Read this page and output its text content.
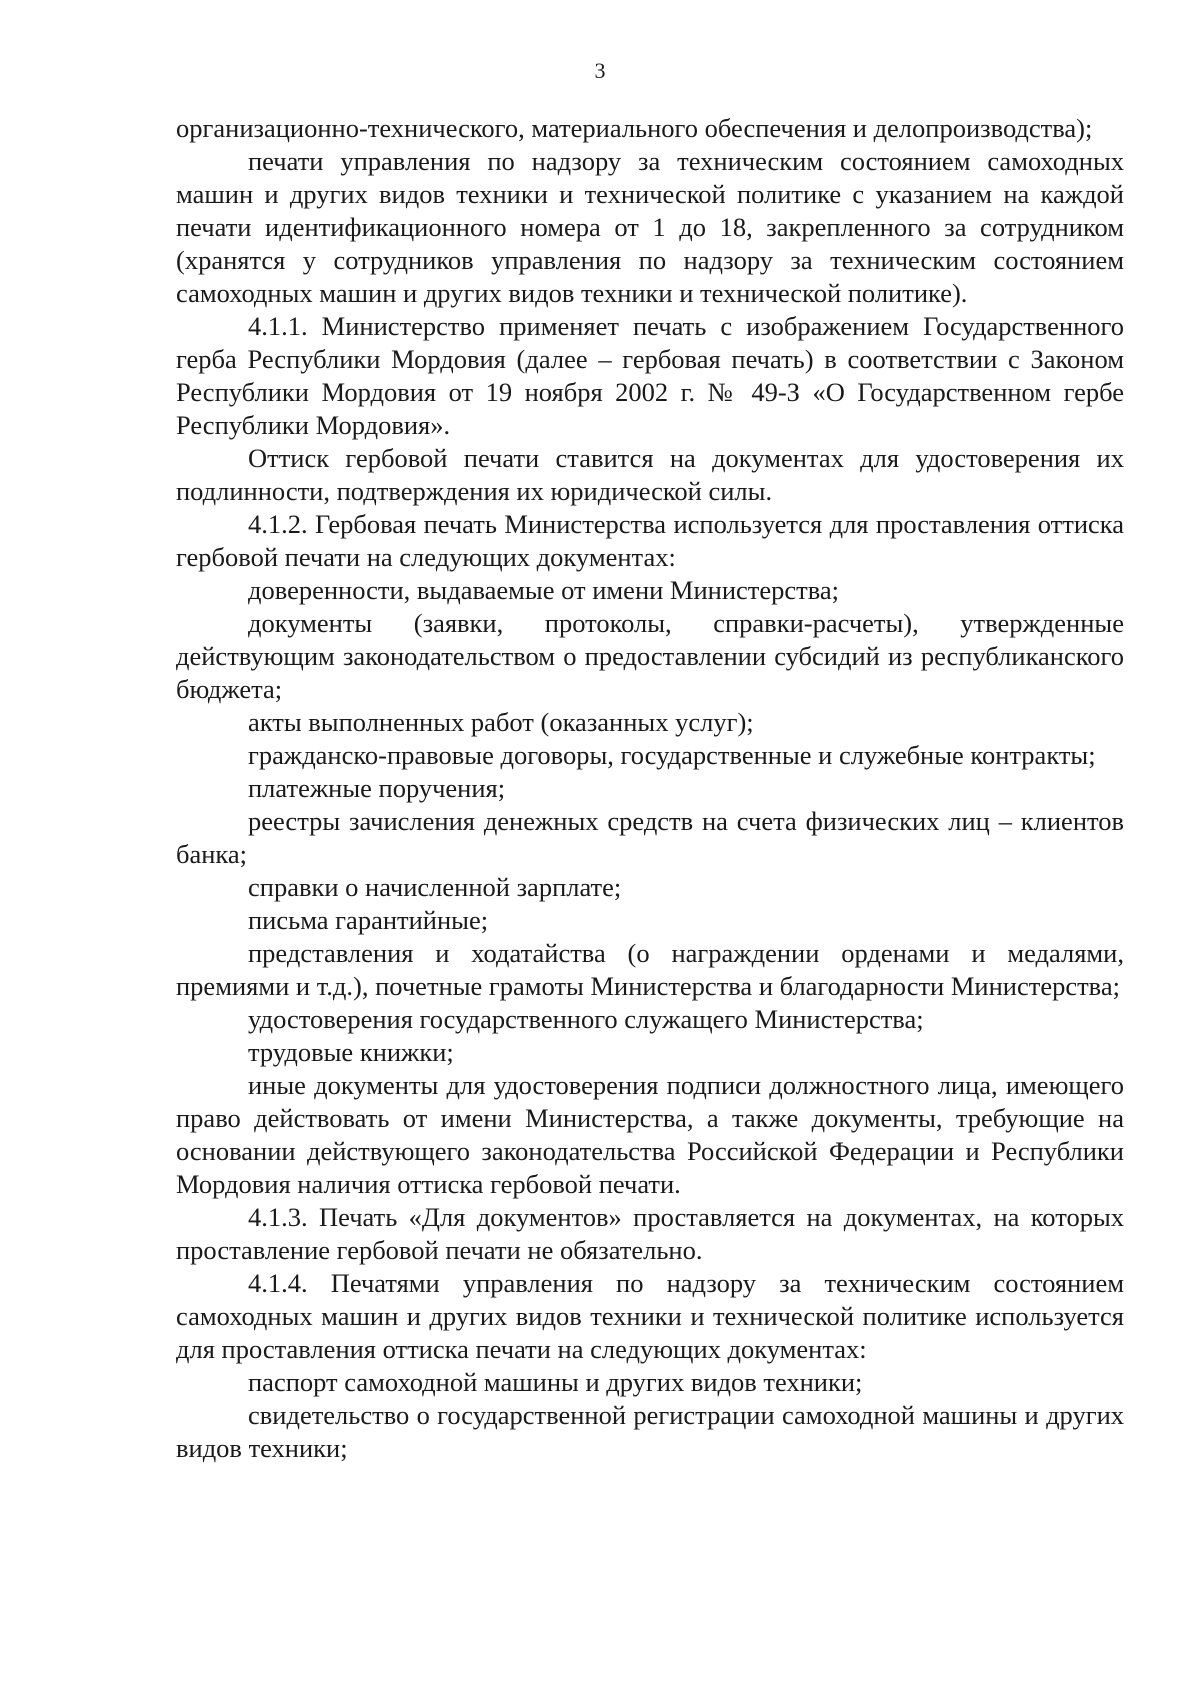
3

организационно-технического, материального обеспечения и делопроизводства);

печати управления по надзору за техническим состоянием самоходных машин и других видов техники и технической политике с указанием на каждой печати идентификационного номера от 1 до 18, закрепленного за сотрудником (хранятся у сотрудников управления по надзору за техническим состоянием самоходных машин и других видов техники и технической политике).

4.1.1. Министерство применяет печать с изображением Государственного герба Республики Мордовия (далее – гербовая печать) в соответствии с Законом Республики Мордовия от 19 ноября 2002 г. № 49-З «О Государственном гербе Республики Мордовия».

Оттиск гербовой печати ставится на документах для удостоверения их подлинности, подтверждения их юридической силы.

4.1.2. Гербовая печать Министерства используется для проставления оттиска гербовой печати на следующих документах:

доверенности, выдаваемые от имени Министерства;

документы (заявки, протоколы, справки-расчеты), утвержденные действующим законодательством о предоставлении субсидий из республиканского бюджета;

акты выполненных работ (оказанных услуг);

гражданско-правовые договоры, государственные и служебные контракты;

платежные поручения;

реестры зачисления денежных средств на счета физических лиц – клиентов банка;

справки о начисленной зарплате;

письма гарантийные;

представления и ходатайства (о награждении орденами и медалями, премиями и т.д.), почетные грамоты Министерства и благодарности Министерства;

удостоверения государственного служащего Министерства;

трудовые книжки;

иные документы для удостоверения подписи должностного лица, имеющего право действовать от имени Министерства, а также документы, требующие на основании действующего законодательства Российской Федерации и Республики Мордовия наличия оттиска гербовой печати.

4.1.3. Печать «Для документов» проставляется на документах, на которых проставление гербовой печати не обязательно.

4.1.4. Печатями управления по надзору за техническим состоянием самоходных машин и других видов техники и технической политике используется для проставления оттиска печати на следующих документах:

паспорт самоходной машины и других видов техники;

свидетельство о государственной регистрации самоходной машины и других видов техники;
